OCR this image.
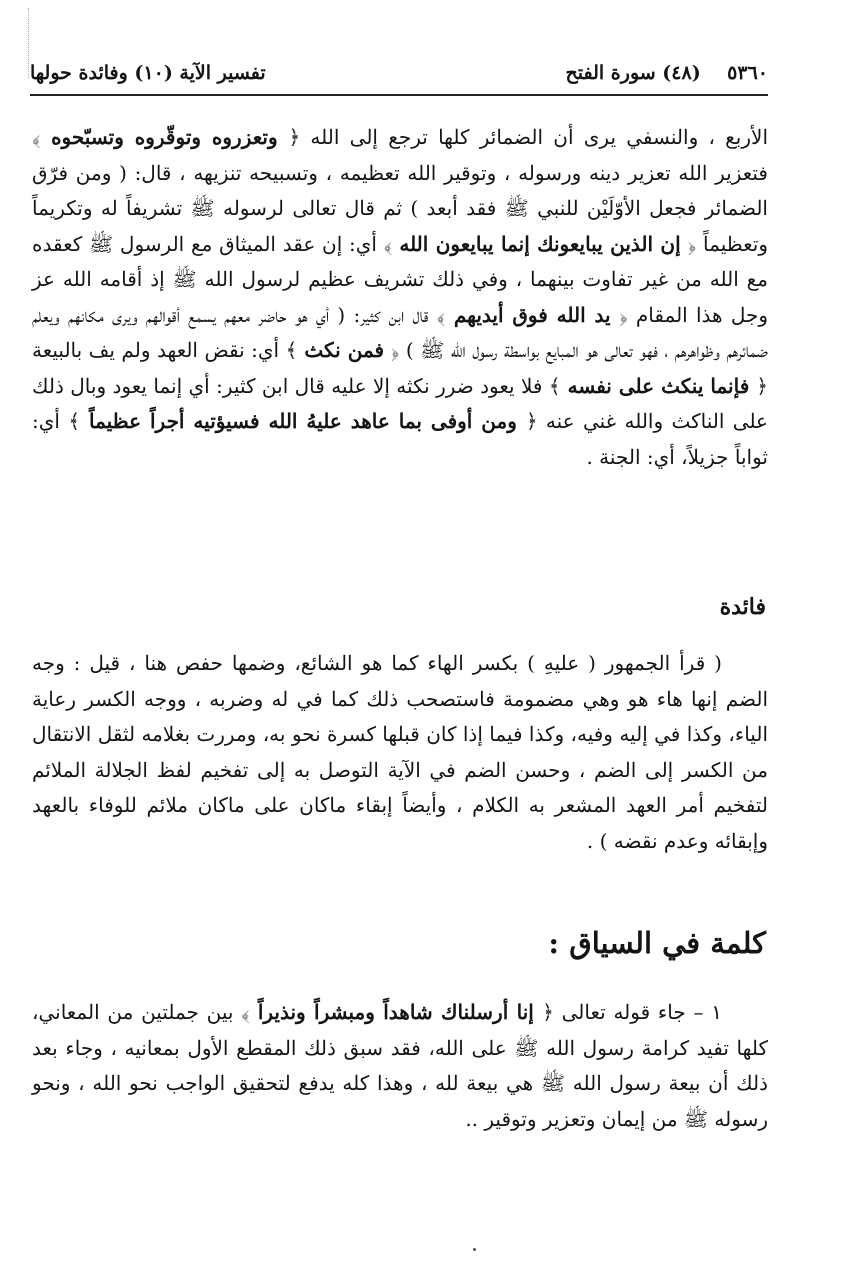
٥٣٦٠    (٤٨) سورة الفتح
تفسير الآية (١٠) وفائدة حولها

الأربع ، والنسفي يرى أن الضمائر كلها ترجع إلى الله ﴿ وتعزروه وتوقّروه وتسبّحوه ﴾ فتعزير الله تعزير دينه ورسوله ، وتوقير الله تعظيمه ، وتسبيحه تنزيهه ، قال: ( ومن فرّق الضمائر فجعل الأوّلَيْن للنبي ﷺ فقد أبعد ) ثم قال تعالى لرسوله ﷺ تشريفاً له وتكريماً وتعظيماً ﴿ إن الذين يبايعونك إنما يبايعون الله ﴾ أي: إن عقد الميثاق مع الرسول ﷺ كعقده مع الله من غير تفاوت بينهما ، وفي ذلك تشريف عظيم لرسول الله ﷺ إذ أقامه الله عز وجل هذا المقام ﴿ يد الله فوق أيديهم ﴾ قال ابن كثير: ( أي هو حاضر معهم يسمع أقوالهم ويرى مكانهم ويعلم ضمائرهم وظواهرهم ، فهو تعالى هو المبايع بواسطة رسول الله ﷺ ) ﴿ فمن نكث ﴾ أي: نقض العهد ولم يف بالبيعة ﴿ فإنما ينكث على نفسه ﴾ فلا يعود ضرر نكثه إلا عليه قال ابن كثير: أي إنما يعود وبال ذلك على الناكث والله غني عنه ﴿ ومن أوفى بما عاهد عليهُ الله فسيؤتيه أجراً عظيماً ﴾ أي: ثواباً جزيلاً، أي: الجنة .

فائدة

( قرأ الجمهور ( عليهِ ) بكسر الهاء كما هو الشائع، وضمها حفص هنا ، قيل : وجه الضم إنها هاء هو وهي مضمومة فاستصحب ذلك كما في له وضربه ، ووجه الكسر رعاية الياء، وكذا في إليه وفيه، وكذا فيما إذا كان قبلها كسرة نحو به، ومررت بغلامه لثقل الانتقال من الكسر إلى الضم ، وحسن الضم في الآية التوصل به إلى تفخيم لفظ الجلالة الملائم لتفخيم أمر العهد المشعر به الكلام ، وأيضاً إبقاء ماكان على ماكان ملائم للوفاء بالعهد وإبقائه وعدم نقضه ) .

كلمة في السياق :

١ – جاء قوله تعالى ﴿ إنا أرسلناك شاهداً ومبشراً ونذيراً ﴾ بين جملتين من المعاني، كلها تفيد كرامة رسول الله ﷺ على الله، فقد سبق ذلك المقطع الأول بمعانيه ، وجاء بعد ذلك أن بيعة رسول الله ﷺ هي بيعة لله ، وهذا كله يدفع لتحقيق الواجب نحو الله ، ونحو رسوله ﷺ من إيمان وتعزير وتوقير ..
